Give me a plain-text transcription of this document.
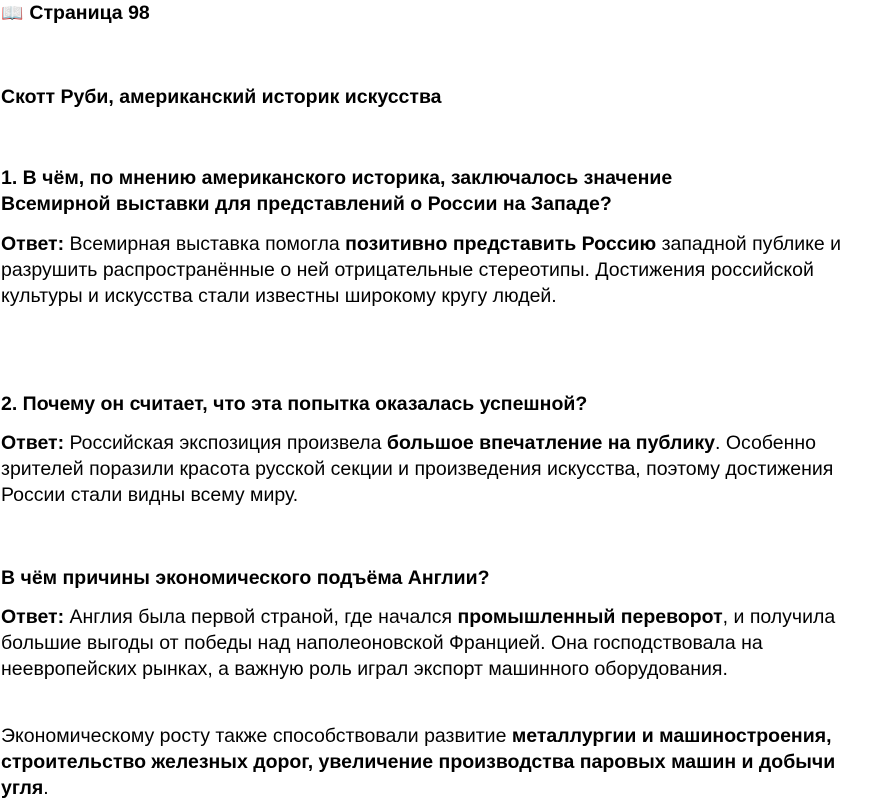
📖 Страница 98
Скотт Руби, американский историк искусства
1. В чём, по мнению американского историка, заключалось значение
Всемирной выставки для представлений о России на Западе?
Ответ: Всемирная выставка помогла позитивно представить Россию западной публике и разрушить распространённые о ней отрицательные стереотипы. Достижения российской культуры и искусства стали известны широкому кругу людей.
2. Почему он считает, что эта попытка оказалась успешной?
Ответ: Российская экспозиция произвела большое впечатление на публику. Особенно зрителей поразили красота русской секции и произведения искусства, поэтому достижения России стали видны всему миру.
В чём причины экономического подъёма Англии?
Ответ: Англия была первой страной, где начался промышленный переворот, и получила большие выгоды от победы над наполеоновской Францией. Она господствовала на неевропейских рынках, а важную роль играл экспорт машинного оборудования.
Экономическому росту также способствовали развитие металлургии и машиностроения, строительство железных дорог, увеличение производства паровых машин и добычи угля.
